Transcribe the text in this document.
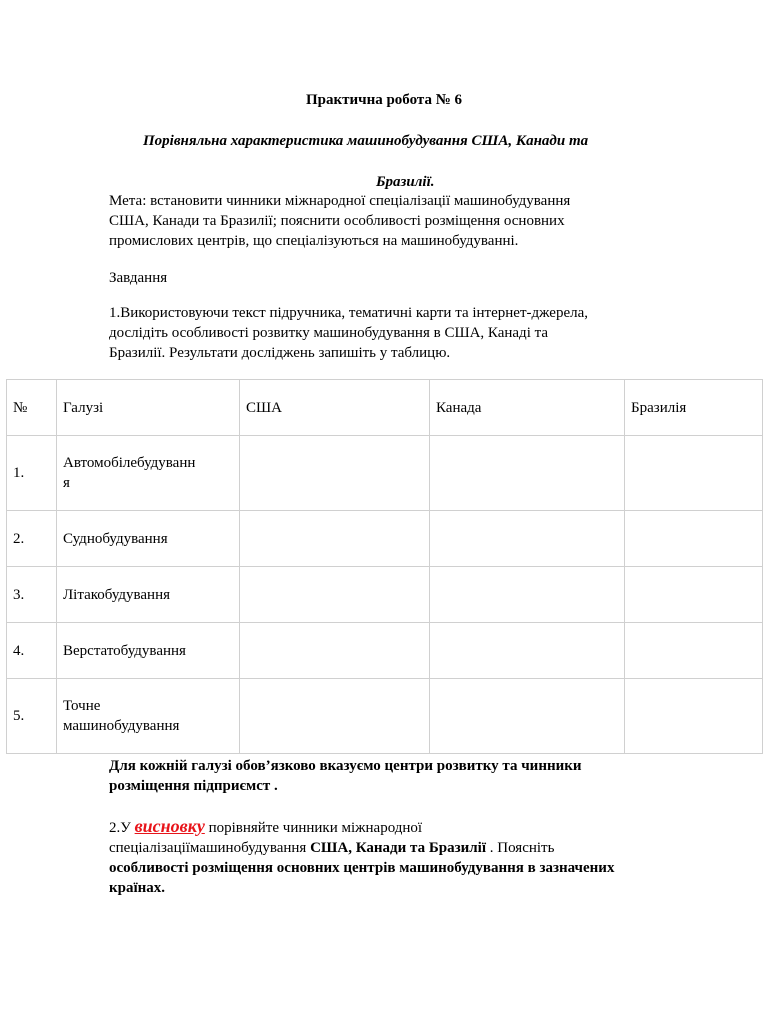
Практична робота № 6
Порівняльна характеристика машинобудування США, Канади та
Бразилії.
Мета: встановити чинники міжнародної спеціалізації машинобудування
США, Канади та Бразилії; пояснити особливості розміщення основних
промислових центрів, що спеціалізуються на машинобудуванні.
Завдання
1.Використовуючи текст підручника, тематичні карти та інтернет-джерела,
дослідіть особливості розвитку машинобудування в США, Канаді та
Бразилії. Результати досліджень запишіть у таблицю.
№	Галузі	США	Канада	Бразилія
1.	Автомобілебудуванн
я			

2.	Суднобудування			
3.	Літакобудування			
4.	Верстатобудування			
5.	Точне
машинобудування			

Для кожній галузі обов’язково вказуємо центри розвитку та чинники
розміщення підприємст .
2.У висновку порівняйте чинники міжнародної
спеціалізаціїмашинобудування США, Канади та Бразилії . Поясніть
особливості розміщення основних центрів машинобудування в зазначених
країнах.
